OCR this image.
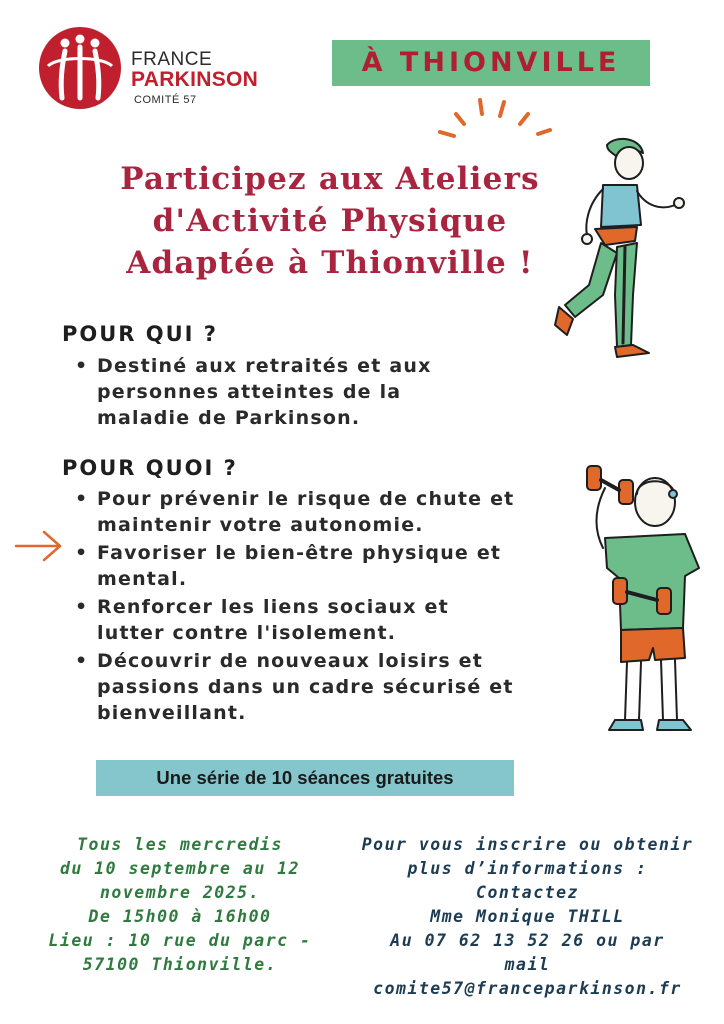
FRANCE
PARKINSON
COMITÉ 57
À THIONVILLE
Participez aux Ateliers
d'Activité Physique
Adaptée à Thionville !
POUR QUI ?
• Destiné aux retraités et aux personnes atteintes de la maladie de Parkinson.
POUR QUOI ?
• Pour prévenir le risque de chute et maintenir votre autonomie.
• Favoriser le bien-être physique et mental.
• Renforcer les liens sociaux et lutter contre l'isolement.
• Découvrir de nouveaux loisirs et passions dans un cadre sécurisé et bienveillant.
Une série de 10 séances gratuites
Tous les mercredis
du 10 septembre au 12
novembre 2025.
De 15h00 à 16h00
Lieu : 10 rue du parc -
57100 Thionville.
Pour vous inscrire ou obtenir
plus d’informations :
Contactez
Mme Monique THILL
Au 07 62 13 52 26 ou par
mail
comite57@franceparkinson.fr
